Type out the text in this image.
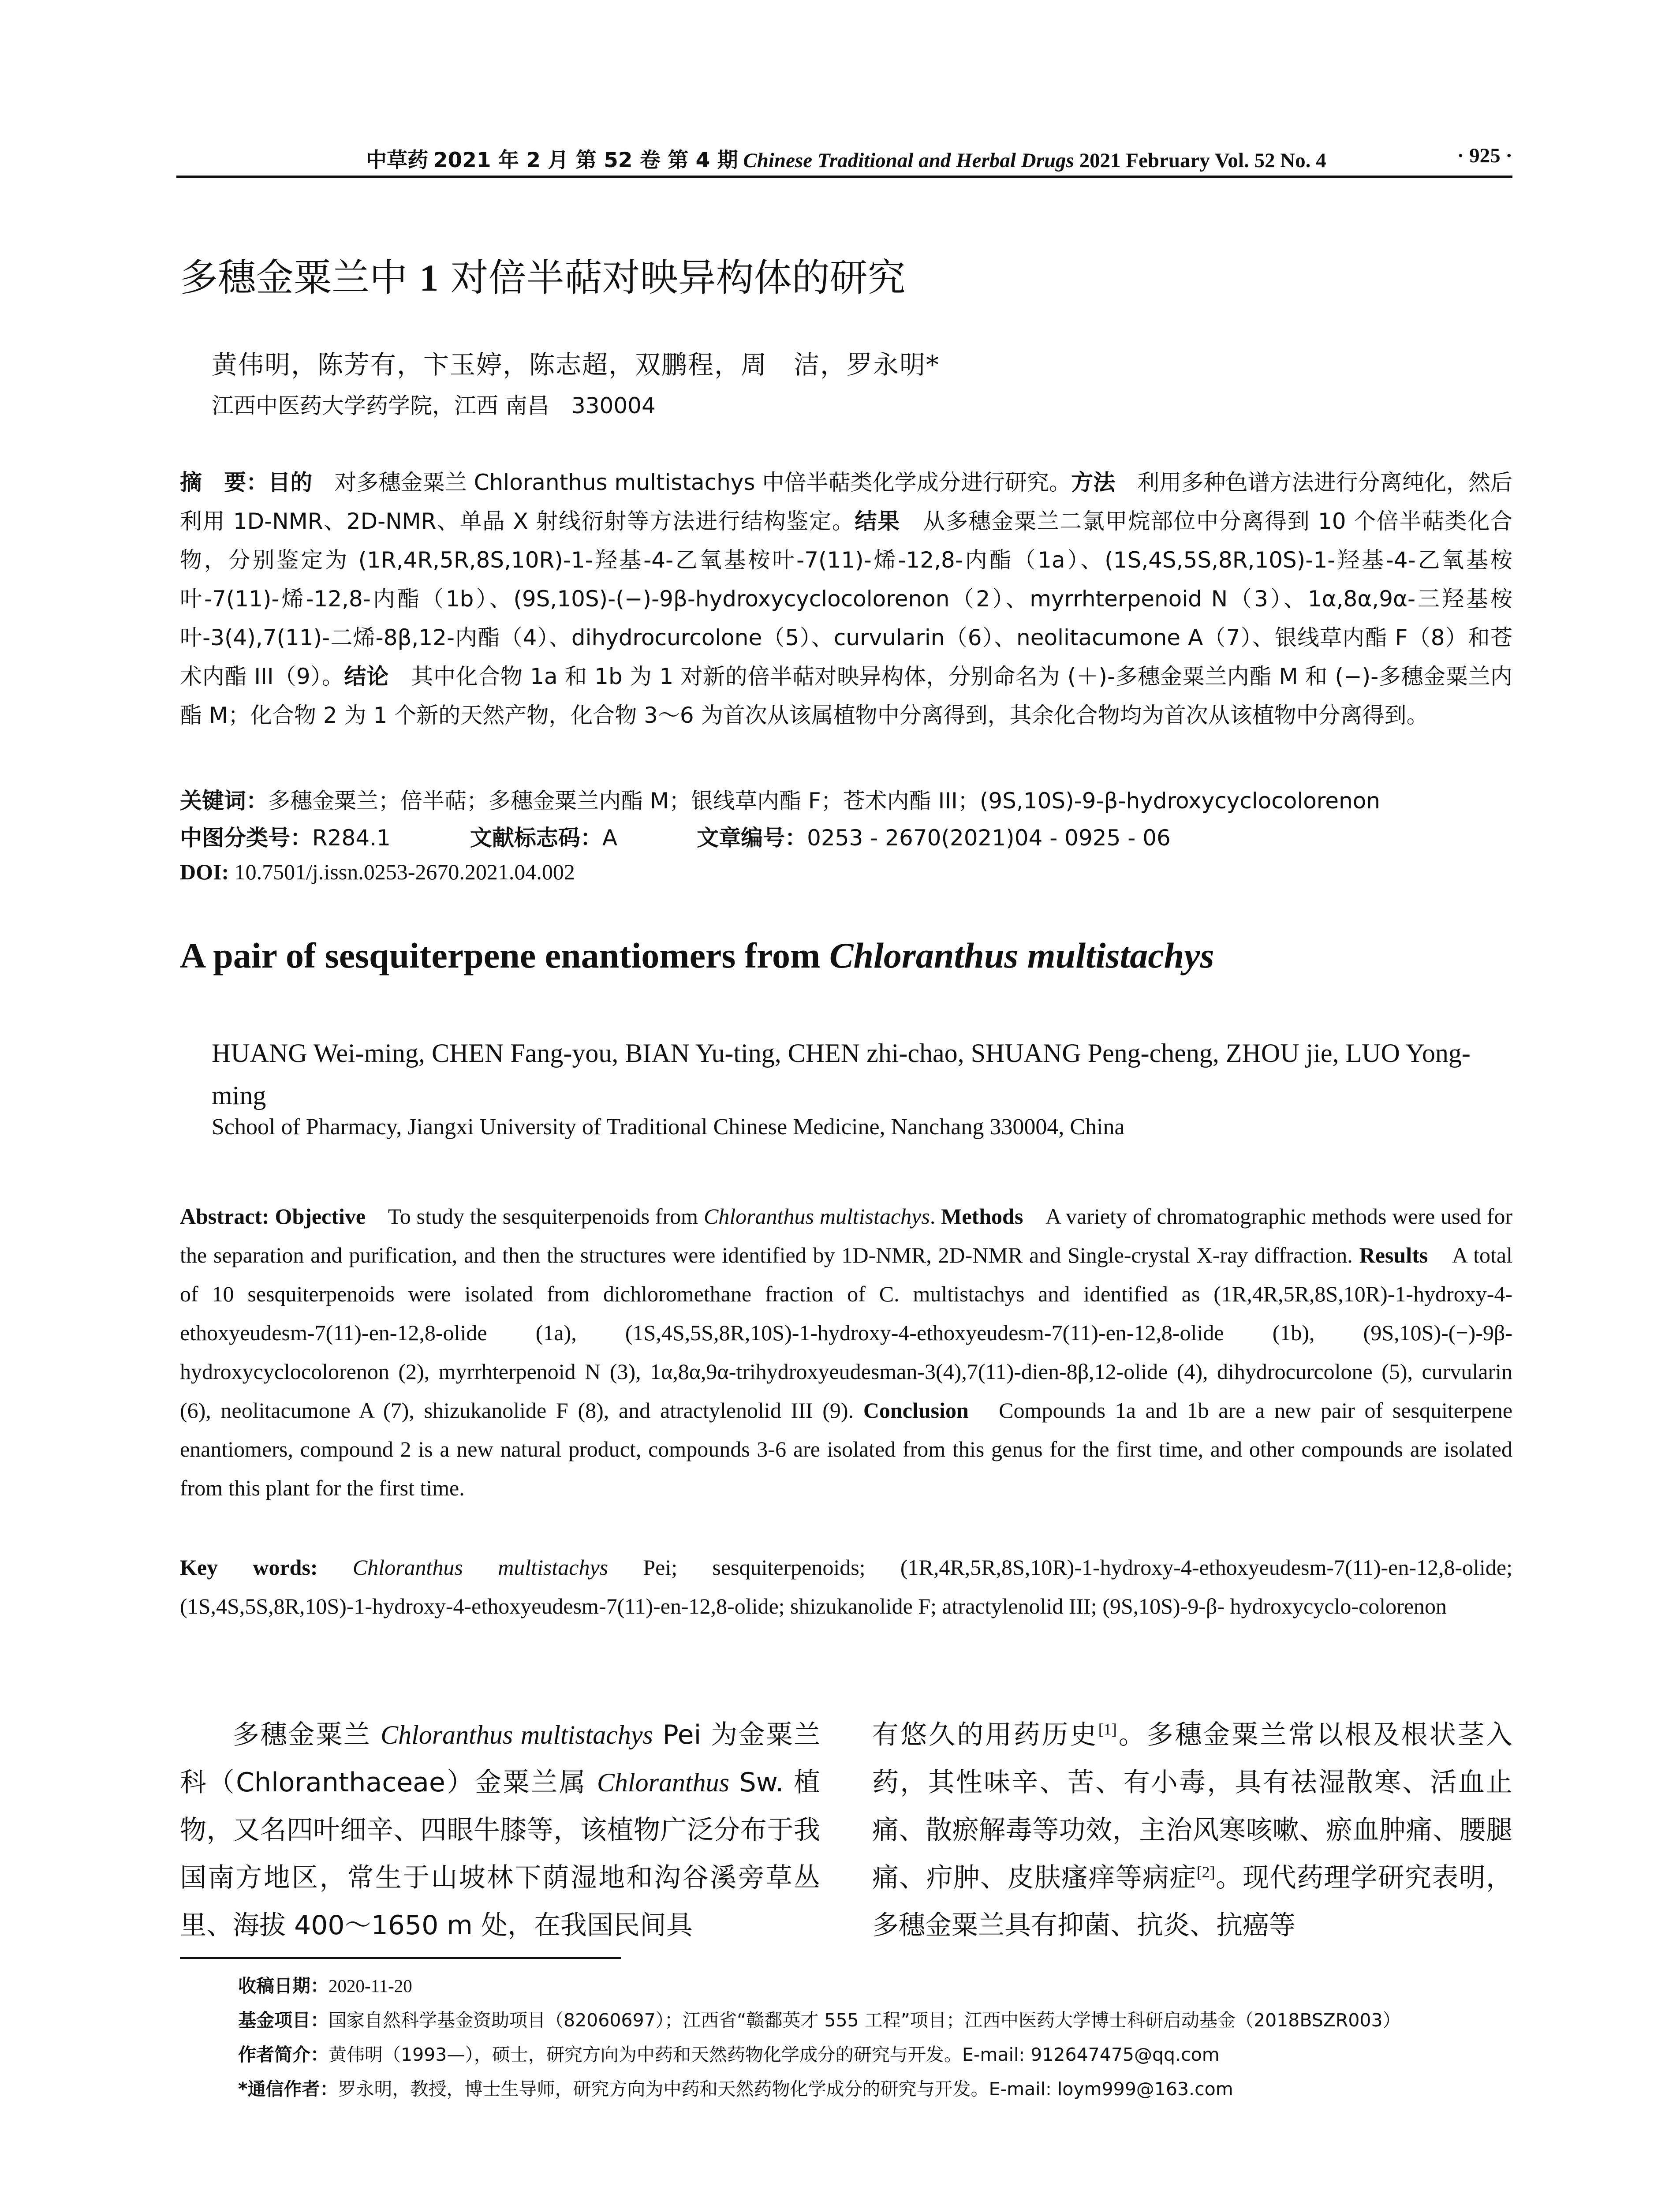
中草药 2021 年 2 月 第 52 卷 第 4 期 Chinese Traditional and Herbal Drugs 2021 February Vol. 52 No. 4	· 925 ·
多穗金粟兰中 1 对倍半萜对映异构体的研究
黄伟明，陈芳有，卞玉婷，陈志超，双鹏程，周　洁，罗永明*
江西中医药大学药学院，江西 南昌　330004
摘　要：目的　对多穗金粟兰 Chloranthus multistachys 中倍半萜类化学成分进行研究。方法　利用多种色谱方法进行分离纯化，然后利用 1D-NMR、2D-NMR、单晶 X 射线衍射等方法进行结构鉴定。结果　从多穗金粟兰二氯甲烷部位中分离得到 10 个倍半萜类化合物，分别鉴定为 (1R,4R,5R,8S,10R)-1-羟基-4-乙氧基桉叶-7(11)-烯-12,8-内酯（1a）、(1S,4S,5S,8R,10S)-1-羟基-4-乙氧基桉叶-7(11)-烯-12,8-内酯（1b）、(9S,10S)-(−)-9β-hydroxycyclocolorenon（2）、myrrhterpenoid N（3）、1α,8α,9α-三羟基桉叶-3(4),7(11)-二烯-8β,12-内酯（4）、dihydrocurcolone（5）、curvularin（6）、neolitacumone A（7）、银线草内酯 F（8）和苍术内酯 III（9）。结论　其中化合物 1a 和 1b 为 1 对新的倍半萜对映异构体，分别命名为 (＋)-多穗金粟兰内酯 M 和 (−)-多穗金粟兰内酯 M；化合物 2 为 1 个新的天然产物，化合物 3～6 为首次从该属植物中分离得到，其余化合物均为首次从该植物中分离得到。
关键词：多穗金粟兰；倍半萜；多穗金粟兰内酯 M；银线草内酯 F；苍术内酯 III；(9S,10S)-9-β-hydroxycyclocolorenon
中图分类号：R284.1	文献标志码：A	文章编号：0253 - 2670(2021)04 - 0925 - 06
DOI: 10.7501/j.issn.0253-2670.2021.04.002
A pair of sesquiterpene enantiomers from Chloranthus multistachys
HUANG Wei-ming, CHEN Fang-you, BIAN Yu-ting, CHEN zhi-chao, SHUANG Peng-cheng, ZHOU jie, LUO Yong-ming
School of Pharmacy, Jiangxi University of Traditional Chinese Medicine, Nanchang 330004, China
Abstract: Objective　To study the sesquiterpenoids from Chloranthus multistachys. Methods　A variety of chromatographic methods were used for the separation and purification, and then the structures were identified by 1D-NMR, 2D-NMR and Single-crystal X-ray diffraction. Results　A total of 10 sesquiterpenoids were isolated from dichloromethane fraction of C. multistachys and identified as (1R,4R,5R,8S,10R)-1-hydroxy-4-ethoxyeudesm-7(11)-en-12,8-olide (1a), (1S,4S,5S,8R,10S)-1-hydroxy-4-ethoxyeudesm-7(11)-en-12,8-olide (1b), (9S,10S)-(−)-9β-hydroxycyclocolorenon (2), myrrhterpenoid N (3), 1α,8α,9α-trihydroxyeudesman-3(4),7(11)-dien-8β,12-olide (4), dihydrocurcolone (5), curvularin (6), neolitacumone A (7), shizukanolide F (8), and atractylenolid III (9). Conclusion　Compounds 1a and 1b are a new pair of sesquiterpene enantiomers, compound 2 is a new natural product, compounds 3-6 are isolated from this genus for the first time, and other compounds are isolated from this plant for the first time.
Key words: Chloranthus multistachys Pei; sesquiterpenoids; (1R,4R,5R,8S,10R)-1-hydroxy-4-ethoxyeudesm-7(11)-en-12,8-olide; (1S,4S,5S,8R,10S)-1-hydroxy-4-ethoxyeudesm-7(11)-en-12,8-olide; shizukanolide F; atractylenolid III; (9S,10S)-9-β- hydroxycyclo-colorenon
多穗金粟兰 Chloranthus multistachys Pei 为金粟兰科（Chloranthaceae）金粟兰属 Chloranthus Sw. 植物，又名四叶细辛、四眼牛膝等，该植物广泛分布于我国南方地区，常生于山坡林下荫湿地和沟谷溪旁草丛里、海拔 400～1650 m 处，在我国民间具
有悠久的用药历史[1]。多穗金粟兰常以根及根状茎入药，其性味辛、苦、有小毒，具有祛湿散寒、活血止痛、散瘀解毒等功效，主治风寒咳嗽、瘀血肿痛、腰腿痛、疖肿、皮肤瘙痒等病症[2]。现代药理学研究表明，多穗金粟兰具有抑菌、抗炎、抗癌等
收稿日期：2020-11-20
基金项目：国家自然科学基金资助项目（82060697）；江西省“赣鄱英才 555 工程”项目；江西中医药大学博士科研启动基金（2018BSZR003）
作者简介：黄伟明（1993—），硕士，研究方向为中药和天然药物化学成分的研究与开发。E-mail: 912647475@qq.com
*通信作者：罗永明，教授，博士生导师，研究方向为中药和天然药物化学成分的研究与开发。E-mail: loym999@163.com
